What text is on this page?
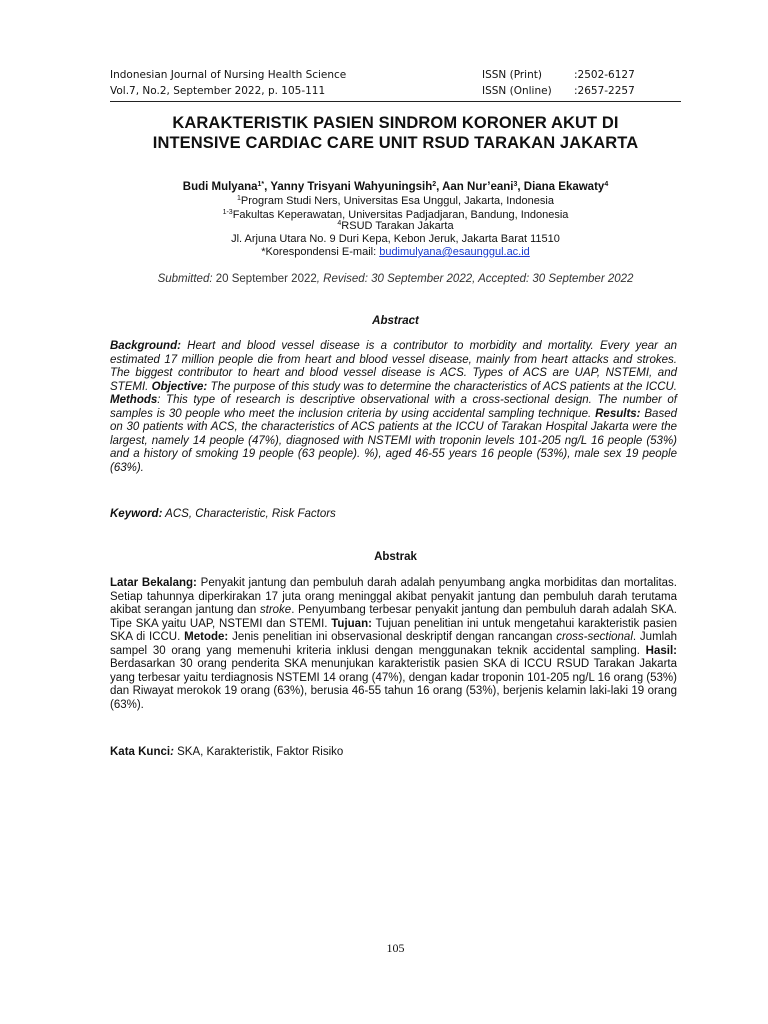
Indonesian Journal of Nursing Health Science	ISSN (Print)	:2502-6127
Vol.7, No.2, September 2022, p. 105-111	ISSN (Online) :2657-2257
KARAKTERISTIK PASIEN SINDROM KORONER AKUT DI
INTENSIVE CARDIAC CARE UNIT RSUD TARAKAN JAKARTA
Budi Mulyana$^{1*}$, Yanny Trisyani Wahyuningsih$^2$, Aan Nur’eani$^3$, Diana Ekawaty$^4$
$^1$Program Studi Ners, Universitas Esa Unggul, Jakarta, Indonesia
$^{1-3}$Fakultas Keperawatan, Universitas Padjadjaran, Bandung, Indonesia
$^4$RSUD Tarakan Jakarta
Jl. Arjuna Utara No. 9 Duri Kepa, Kebon Jeruk, Jakarta Barat 11510
*Korespondensi E-mail: budimulyana@esaunggul.ac.id
Submitted: 20 September 2022, Revised: 30 September 2022, Accepted: 30 September 2022
Abstract
Background: Heart and blood vessel disease is a contributor to morbidity and mortality. Every year an estimated 17 million people die from heart and blood vessel disease, mainly from heart attacks and strokes. The biggest contributor to heart and blood vessel disease is ACS. Types of ACS are UAP, NSTEMI, and STEMI. Objective: The purpose of this study was to determine the characteristics of ACS patients at the ICCU. Methods: This type of research is descriptive observational with a cross-sectional design. The number of samples is 30 people who meet the inclusion criteria by using accidental sampling technique. Results: Based on 30 patients with ACS, the characteristics of ACS patients at the ICCU of Tarakan Hospital Jakarta were the largest, namely 14 people (47%), diagnosed with NSTEMI with troponin levels 101-205 ng/L 16 people (53%) and a history of smoking 19 people (63 people). %), aged 46-55 years 16 people (53%), male sex 19 people (63%).
Keyword: ACS, Characteristic, Risk Factors
Abstrak
Latar Bekalang: Penyakit jantung dan pembuluh darah adalah penyumbang angka morbiditas dan mortalitas. Setiap tahunnya diperkirakan 17 juta orang meninggal akibat penyakit jantung dan pembuluh darah terutama akibat serangan jantung dan stroke. Penyumbang terbesar penyakit jantung dan pembuluh darah adalah SKA. Tipe SKA yaitu UAP, NSTEMI dan STEMI. Tujuan: Tujuan penelitian ini untuk mengetahui karakteristik pasien SKA di ICCU. Metode: Jenis penelitian ini observasional deskriptif dengan rancangan cross-sectional. Jumlah sampel 30 orang yang memenuhi kriteria inklusi dengan menggunakan teknik accidental sampling. Hasil: Berdasarkan 30 orang penderita SKA menunjukan karakteristik pasien SKA di ICCU RSUD Tarakan Jakarta yang terbesar yaitu terdiagnosis NSTEMI 14 orang (47%), dengan kadar troponin 101-205 ng/L 16 orang (53%) dan Riwayat merokok 19 orang (63%), berusia 46-55 tahun 16 orang (53%), berjenis kelamin laki-laki 19 orang (63%).
Kata Kunci: SKA, Karakteristik, Faktor Risiko
105
